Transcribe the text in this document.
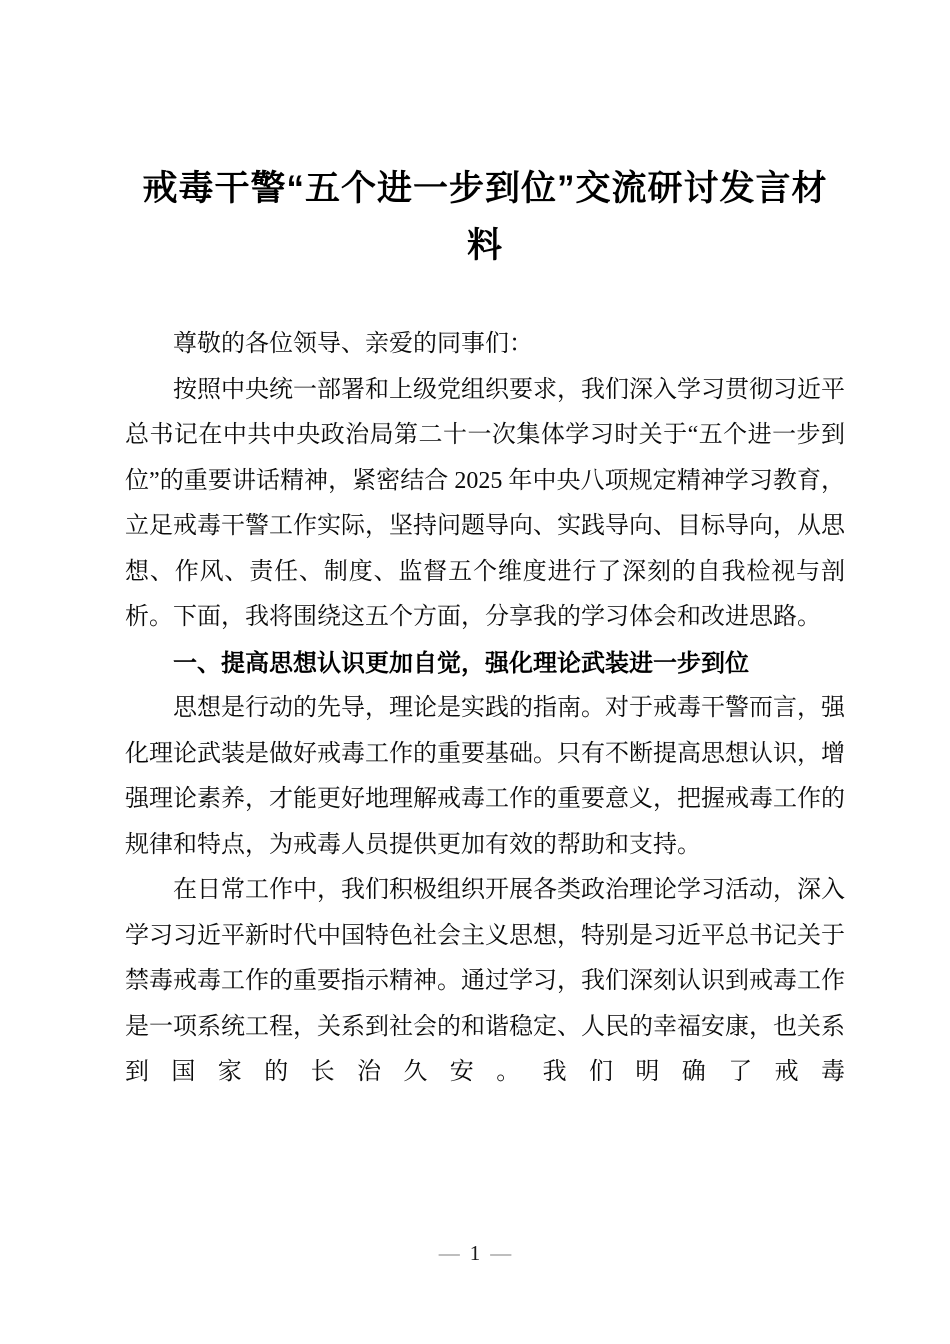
戒毒干警“五个进一步到位”交流研讨发言材
料

尊敬的各位领导、亲爱的同事们：

按照中央统一部署和上级党组织要求，我们深入学习贯彻习近平总书记在中共中央政治局第二十一次集体学习时关于“五个进一步到位”的重要讲话精神，紧密结合 2025 年中央八项规定精神学习教育，立足戒毒干警工作实际，坚持问题导向、实践导向、目标导向，从思想、作风、责任、制度、监督五个维度进行了深刻的自我检视与剖析。下面，我将围绕这五个方面，分享我的学习体会和改进思路。

一、提高思想认识更加自觉，强化理论武装进一步到位

思想是行动的先导，理论是实践的指南。对于戒毒干警而言，强化理论武装是做好戒毒工作的重要基础。只有不断提高思想认识，增强理论素养，才能更好地理解戒毒工作的重要意义，把握戒毒工作的规律和特点，为戒毒人员提供更加有效的帮助和支持。

在日常工作中，我们积极组织开展各类政治理论学习活动，深入学习习近平新时代中国特色社会主义思想，特别是习近平总书记关于禁毒戒毒工作的重要指示精神。通过学习，我们深刻认识到戒毒工作是一项系统工程，关系到社会的和谐稳定、人民的幸福安康，也关系到国家的长治久安。我们明确了戒毒

— 1 —
